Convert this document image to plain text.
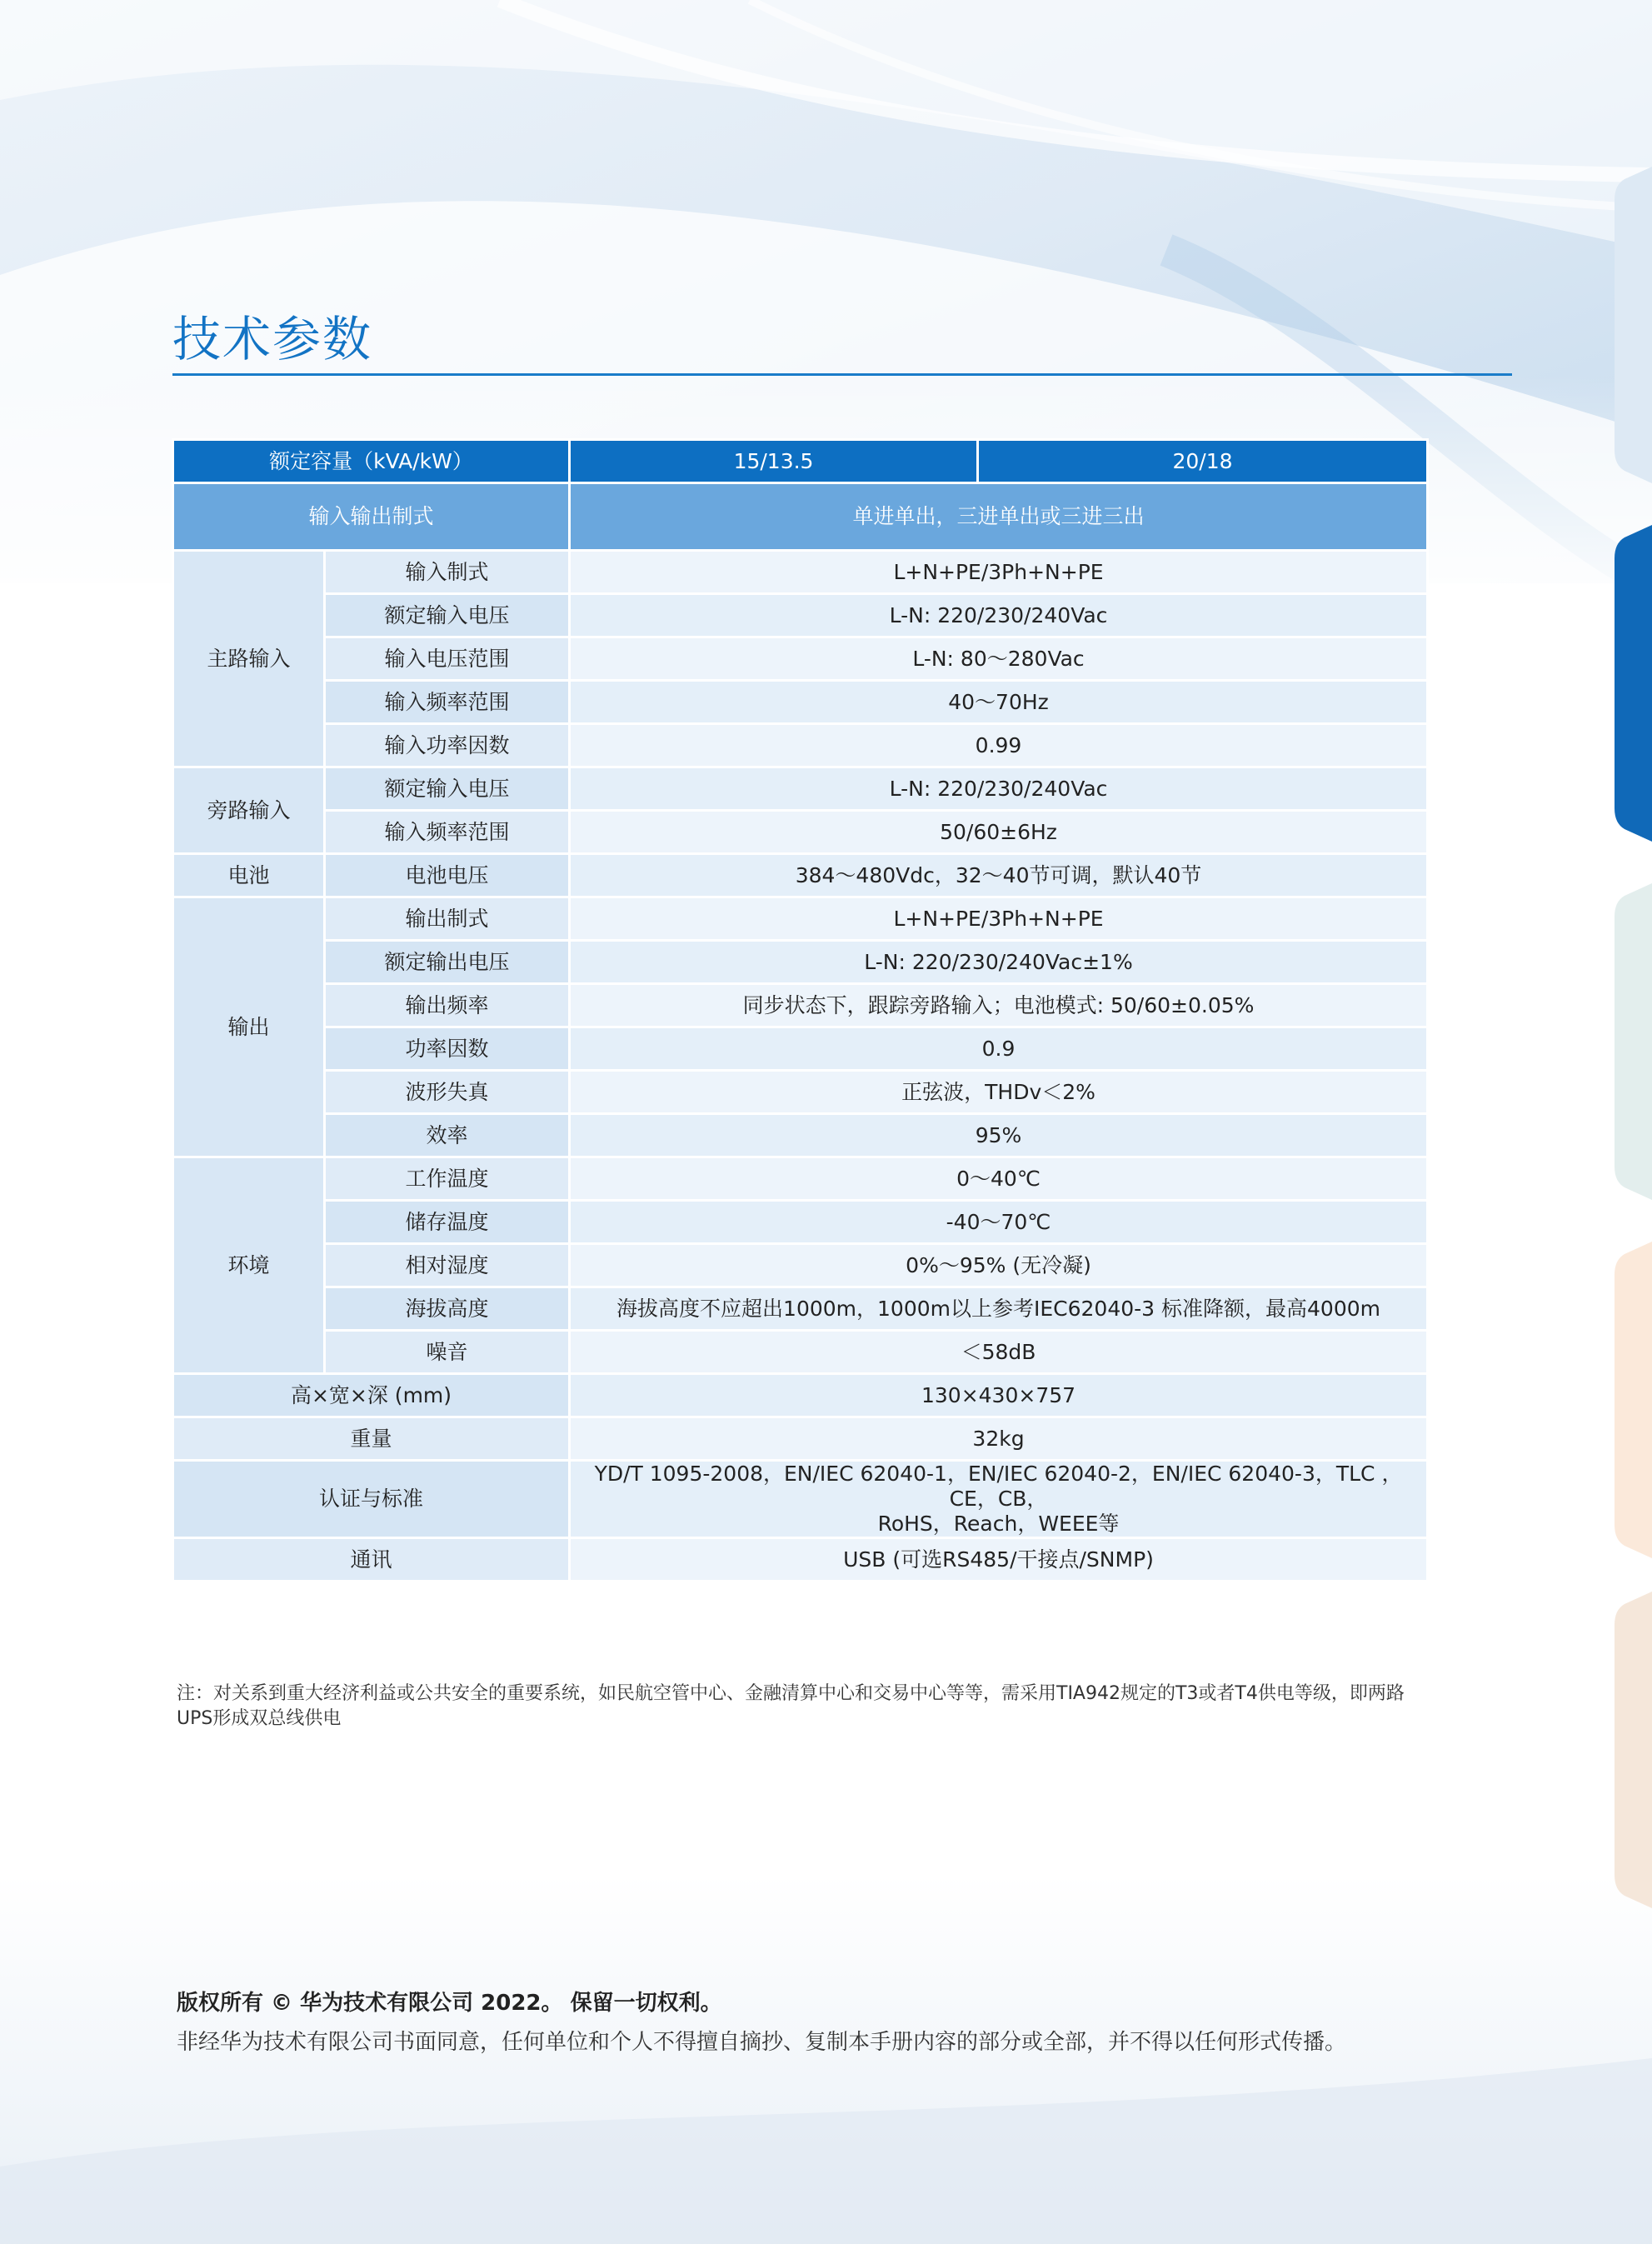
技术参数
额定容量（kVA/kW）		15/13.5	20/18
输入输出制式		单进单出，三进单出或三进三出	
主路输入	输入制式	L+N+PE/3Ph+N+PE	
	额定输入电压	L-N: 220/230/240Vac	
	输入电压范围	L-N: 80～280Vac	
	输入频率范围	40～70Hz	
	输入功率因数	0.99	
旁路输入	额定输入电压	L-N: 220/230/240Vac	
	输入频率范围	50/60±6Hz	
电池	电池电压	384～480Vdc，32～40节可调，默认40节	
输出	输出制式	L+N+PE/3Ph+N+PE	
	额定输出电压	L-N: 220/230/240Vac±1%	
	输出频率	同步状态下，跟踪旁路输入；电池模式: 50/60±0.05%	
	功率因数	0.9	
	波形失真	正弦波，THDv＜2%	
	效率	95%	
环境	工作温度	0～40℃	
	储存温度	-40～70℃	
	相对湿度	0%～95% (无冷凝)	
	海拔高度	海拔高度不应超出1000m，1000m以上参考IEC62040-3 标准降额，最高4000m	
	噪音	＜58dB	
高×宽×深 (mm)		130×430×757	
重量		32kg	
认证与标准		YD/T 1095-2008，EN/IEC 62040-1，EN/IEC 62040-2，EN/IEC 62040-3，TLC ，CE，CB，
RoHS，Reach，WEEE等	

通讯		USB (可选RS485/干接点/SNMP)	
注：对关系到重大经济利益或公共安全的重要系统，如民航空管中心、金融清算中心和交易中心等等，需采用TIA942规定的T3或者T4供电等级，即两路UPS形成双总线供电
版权所有 © 华为技术有限公司 2022。 保留一切权利。
非经华为技术有限公司书面同意，任何单位和个人不得擅自摘抄、复制本手册内容的部分或全部，并不得以任何形式传播。
